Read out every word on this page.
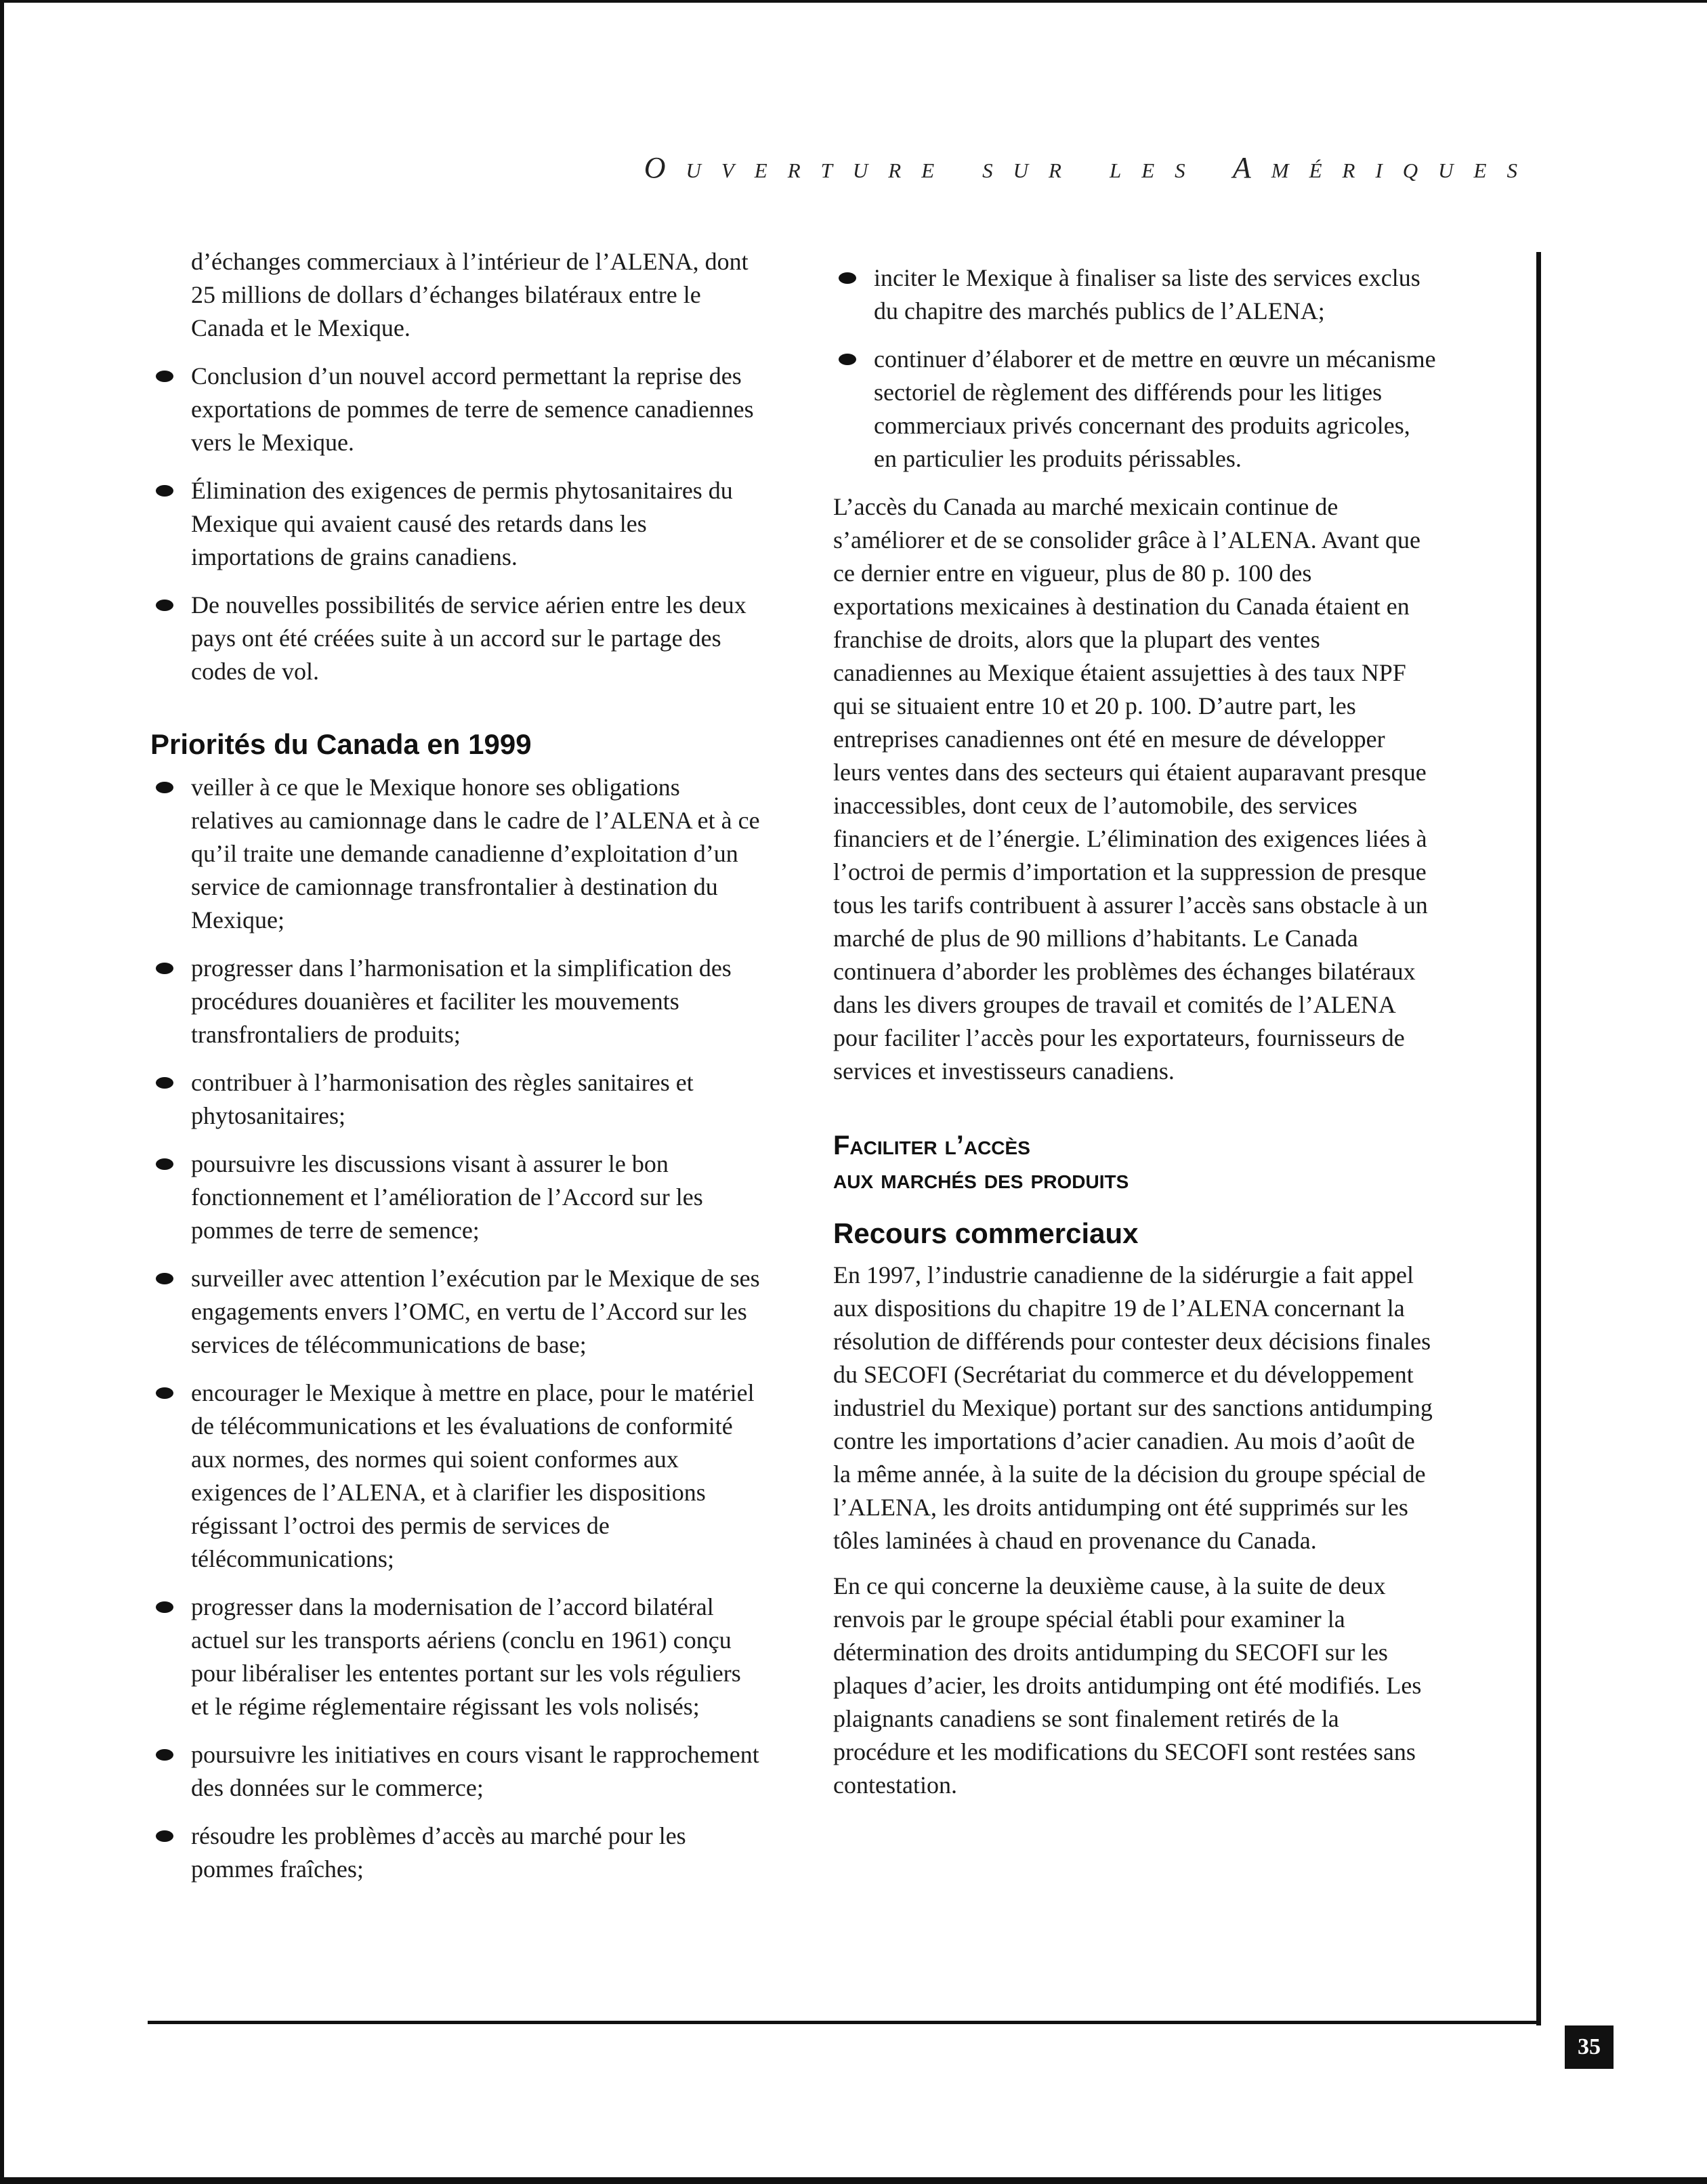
Ouverture sur les Amériques

d’échanges commerciaux à l’intérieur de l’ALENA, dont 25 millions de dollars d’échanges bilatéraux entre le Canada et le Mexique.

Conclusion d’un nouvel accord permettant la reprise des exportations de pommes de terre de semence canadiennes vers le Mexique.
Élimination des exigences de permis phytosanitaires du Mexique qui avaient causé des retards dans les importations de grains canadiens.
De nouvelles possibilités de service aérien entre les deux pays ont été créées suite à un accord sur le partage des codes de vol.
Priorités du Canada en 1999
veiller à ce que le Mexique honore ses obligations relatives au camionnage dans le cadre de l’ALENA et à ce qu’il traite une demande canadienne d’exploitation d’un service de camionnage transfrontalier à destination du Mexique;
progresser dans l’harmonisation et la simplification des procédures douanières et faciliter les mouvements transfrontaliers de produits;
contribuer à l’harmonisation des règles sanitaires et phytosanitaires;
poursuivre les discussions visant à assurer le bon fonctionnement et l’amélioration de l’Accord sur les pommes de terre de semence;
surveiller avec attention l’exécution par le Mexique de ses engagements envers l’OMC, en vertu de l’Accord sur les services de télécommunications de base;
encourager le Mexique à mettre en place, pour le matériel de télécommunications et les évaluations de conformité aux normes, des normes qui soient conformes aux exigences de l’ALENA, et à clarifier les dispositions régissant l’octroi des permis de services de télécommunications;
progresser dans la modernisation de l’accord bilatéral actuel sur les transports aériens (conclu en 1961) conçu pour libéraliser les ententes portant sur les vols réguliers et le régime réglementaire régissant les vols nolisés;
poursuivre les initiatives en cours visant le rapprochement des données sur le commerce;
résoudre les problèmes d’accès au marché pour les pommes fraîches;
inciter le Mexique à finaliser sa liste des services exclus du chapitre des marchés publics de l’ALENA;
continuer d’élaborer et de mettre en œuvre un mécanisme sectoriel de règlement des différends pour les litiges commerciaux privés concernant des produits agricoles, en particulier les produits périssables.

L’accès du Canada au marché mexicain continue de s’améliorer et de se consolider grâce à l’ALENA. Avant que ce dernier entre en vigueur, plus de 80 p. 100 des exportations mexicaines à destination du Canada étaient en franchise de droits, alors que la plupart des ventes canadiennes au Mexique étaient assujetties à des taux NPF qui se situaient entre 10 et 20 p. 100. D’autre part, les entreprises canadiennes ont été en mesure de développer leurs ventes dans des secteurs qui étaient auparavant presque inaccessibles, dont ceux de l’automobile, des services financiers et de l’énergie. L’élimination des exigences liées à l’octroi de permis d’importation et la suppression de presque tous les tarifs contribuent à assurer l’accès sans obstacle à un marché de plus de 90 millions d’habitants. Le Canada continuera d’aborder les problèmes des échanges bilatéraux dans les divers groupes de travail et comités de l’ALENA pour faciliter l’accès pour les exportateurs, fournisseurs de services et investisseurs canadiens.

Faciliter l’accès
aux marchés des produits
Recours commerciaux

En 1997, l’industrie canadienne de la sidérurgie a fait appel aux dispositions du chapitre 19 de l’ALENA concernant la résolution de différends pour contester deux décisions finales du SECOFI (Secrétariat du commerce et du développement industriel du Mexique) portant sur des sanctions antidumping contre les importations d’acier canadien. Au mois d’août de la même année, à la suite de la décision du groupe spécial de l’ALENA, les droits antidumping ont été supprimés sur les tôles laminées à chaud en provenance du Canada.

En ce qui concerne la deuxième cause, à la suite de deux renvois par le groupe spécial établi pour examiner la détermination des droits antidumping du SECOFI sur les plaques d’acier, les droits antidumping ont été modifiés. Les plaignants canadiens se sont finalement retirés de la procédure et les modifications du SECOFI sont restées sans contestation.

35
